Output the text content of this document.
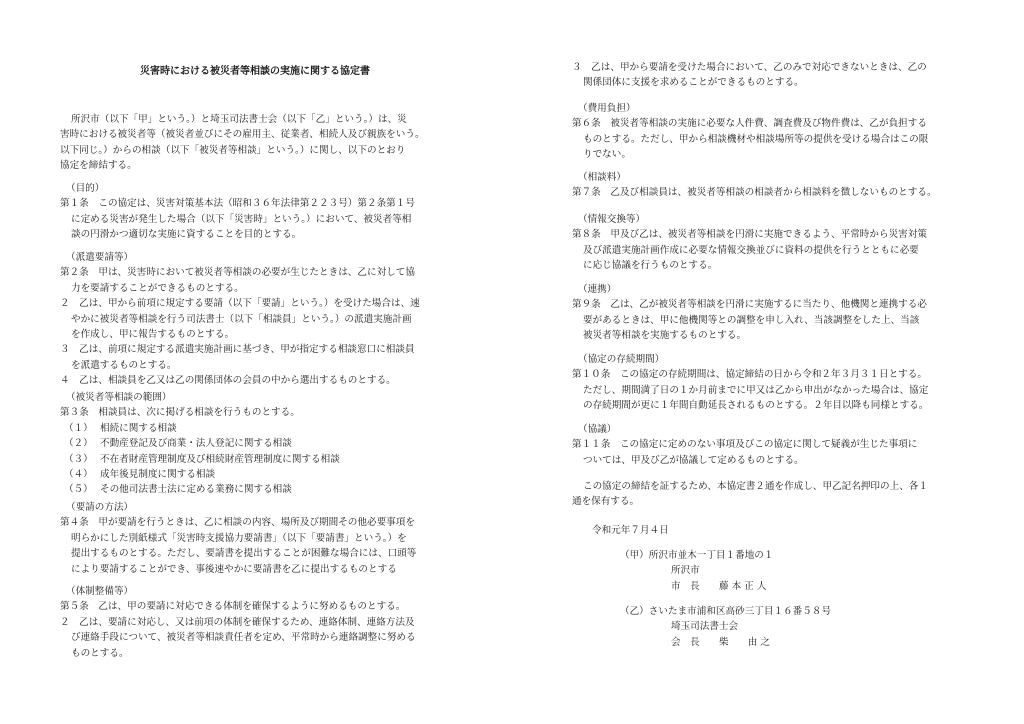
災害時における被災者等相談の実施に関する協定書
所沢市（以下「甲」という。）と埼玉司法書士会（以下「乙」という。）は、災
害時における被災者等（被災者並びにその雇用主、従業者、相続人及び親族をいう。
以下同じ。）からの相談（以下「被災者等相談」という。）に関し、以下のとおり
協定を締結する。
（目的）
第１条　この協定は、災害対策基本法（昭和３６年法律第２２３号）第２条第１号
に定める災害が発生した場合（以下「災害時」という。）において、被災者等相
談の円滑かつ適切な実施に資することを目的とする。
（派遣要請等）
第２条　甲は、災害時において被災者等相談の必要が生じたときは、乙に対して協
力を要請することができるものとする。
２　乙は、甲から前項に規定する要請（以下「要請」という。）を受けた場合は、速
やかに被災者等相談を行う司法書士（以下「相談員」という。）の派遣実施計画
を作成し、甲に報告するものとする。
３　乙は、前項に規定する派遣実施計画に基づき、甲が指定する相談窓口に相談員
を派遣するものとする。
４　乙は、相談員を乙又は乙の関係団体の会員の中から選出するものとする。
（被災者等相談の範囲）
第３条　相談員は、次に掲げる相談を行うものとする。
（１） 相続に関する相談
（２） 不動産登記及び商業・法人登記に関する相談
（３） 不在者財産管理制度及び相続財産管理制度に関する相談
（４） 成年後見制度に関する相談
（５） その他司法書士法に定める業務に関する相談
（要請の方法）
第４条　甲が要請を行うときは、乙に相談の内容、場所及び期間その他必要事項を
明らかにした別紙様式「災害時支援協力要請書」（以下「要請書」という。）を
提出するものとする。ただし、要請書を提出することが困難な場合には、口頭等
により要請することができ、事後速やかに要請書を乙に提出するものとする
（体制整備等）
第５条　乙は、甲の要請に対応できる体制を確保するように努めるものとする。
２　乙は、要請に対応し、又は前項の体制を確保するため、連絡体制、連絡方法及
び連絡手段について、被災者等相談責任者を定め、平常時から連絡調整に努める
ものとする。
３　乙は、甲から要請を受けた場合において、乙のみで対応できないときは、乙の
関係団体に支援を求めることができるものとする。
（費用負担）
第６条　被災者等相談の実施に必要な人件費、調査費及び物件費は、乙が負担する
ものとする。ただし、甲から相談機材や相談場所等の提供を受ける場合はこの限
りでない。
（相談料）
第７条　乙及び相談員は、被災者等相談の相談者から相談料を徴しないものとする。
（情報交換等）
第８条　甲及び乙は、被災者等相談を円滑に実施できるよう、平常時から災害対策
及び派遣実施計画作成に必要な情報交換並びに資料の提供を行うとともに必要
に応じ協議を行うものとする。
（連携）
第９条　乙は、乙が被災者等相談を円滑に実施するに当たり、他機関と連携する必
要があるときは、甲に他機関等との調整を申し入れ、当該調整をした上、当該
被災者等相談を実施するものとする。
（協定の存続期間）
第１０条　この協定の存続期間は、協定締結の日から令和２年３月３１日とする。
ただし、期間満了日の１か月前までに甲又は乙から申出がなかった場合は、協定
の存続期間が更に１年間自動延長されるものとする。２年目以降も同様とする。
（協議）
第１１条　この協定に定めのない事項及びこの協定に関して疑義が生じた事項に
ついては、甲及び乙が協議して定めるものとする。
この協定の締結を証するため、本協定書２通を作成し、甲乙記名押印の上、各１
通を保有する。
令和元年７月４日
（甲）所沢市並木一丁目１番地の１
所沢市
市　長　　藤 本 正 人
（乙）さいたま市浦和区高砂三丁目１６番５８号
埼玉司法書士会
会　長　　柴　　由 之
